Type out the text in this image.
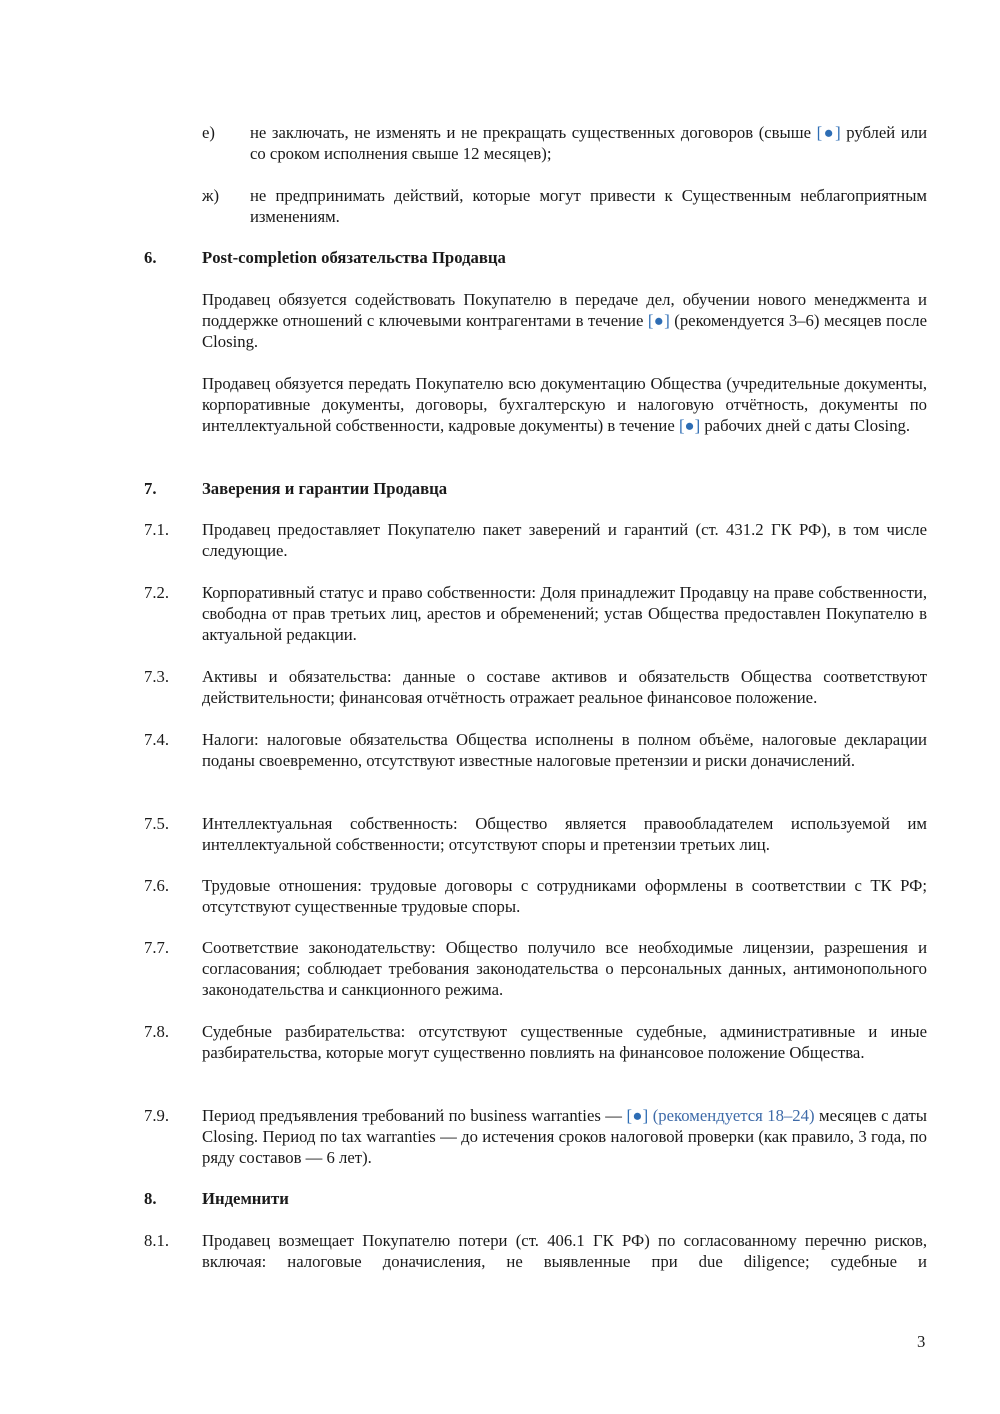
е) не заключать, не изменять и не прекращать существенных договоров (свыше [●] рублей или со сроком исполнения свыше 12 месяцев);
ж) не предпринимать действий, которые могут привести к Существенным неблагоприятным изменениям.
6.	Post-completion обязательства Продавца
Продавец обязуется содействовать Покупателю в передаче дел, обучении нового менеджмента и поддержке отношений с ключевыми контрагентами в течение [●] (рекомендуется 3–6) месяцев после Closing.
Продавец обязуется передать Покупателю всю документацию Общества (учредительные документы, корпоративные документы, договоры, бухгалтерскую и налоговую отчётность, документы по интеллектуальной собственности, кадровые документы) в течение [●] рабочих дней с даты Closing.
7.	Заверения и гарантии Продавца
7.1. Продавец предоставляет Покупателю пакет заверений и гарантий (ст. 431.2 ГК РФ), в том числе следующие.
7.2. Корпоративный статус и право собственности: Доля принадлежит Продавцу на праве собственности, свободна от прав третьих лиц, арестов и обременений; устав Общества предоставлен Покупателю в актуальной редакции.
7.3. Активы и обязательства: данные о составе активов и обязательств Общества соответствуют действительности; финансовая отчётность отражает реальное финансовое положение.
7.4. Налоги: налоговые обязательства Общества исполнены в полном объёме, налоговые декларации поданы своевременно, отсутствуют известные налоговые претензии и риски доначислений.
7.5. Интеллектуальная собственность: Общество является правообладателем используемой им интеллектуальной собственности; отсутствуют споры и претензии третьих лиц.
7.6. Трудовые отношения: трудовые договоры с сотрудниками оформлены в соответствии с ТК РФ; отсутствуют существенные трудовые споры.
7.7. Соответствие законодательству: Общество получило все необходимые лицензии, разрешения и согласования; соблюдает требования законодательства о персональных данных, антимонопольного законодательства и санкционного режима.
7.8. Судебные разбирательства: отсутствуют существенные судебные, административные и иные разбирательства, которые могут существенно повлиять на финансовое положение Общества.
7.9. Период предъявления требований по business warranties — [●] (рекомендуется 18–24) месяцев с даты Closing. Период по tax warranties — до истечения сроков налоговой проверки (как правило, 3 года, по ряду составов — 6 лет).
8.	Индемнити
8.1. Продавец возмещает Покупателю потери (ст. 406.1 ГК РФ) по согласованному перечню рисков, включая: налоговые доначисления, не выявленные при due diligence; судебные и
3
